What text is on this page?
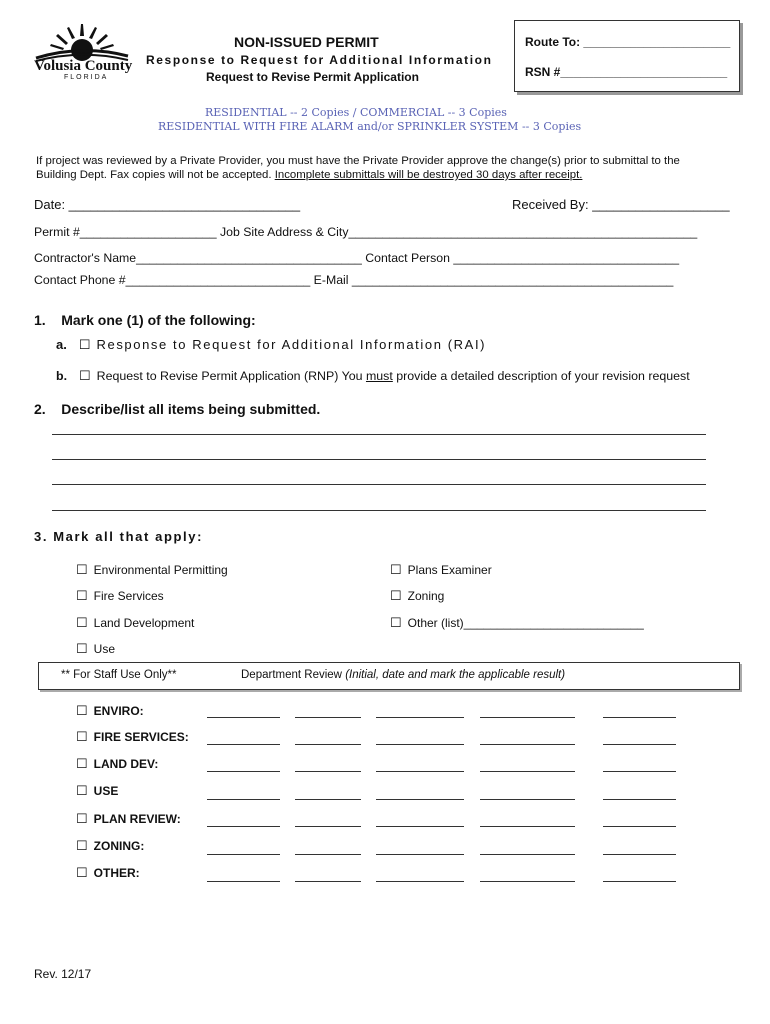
Volusia County
FLORIDA
NON-ISSUED PERMIT
Response to Request for Additional Information
Request to Revise Permit Application
Route To: ______________________
RSN #_________________________
RESIDENTIAL -- 2 Copies / COMMERCIAL -- 3 Copies
RESIDENTIAL WITH FIRE ALARM and/or SPRINKLER SYSTEM -- 3 Copies
If project was reviewed by a Private Provider, you must have the Private Provider approve the change(s) prior to submittal to the
Building Dept. Fax copies will not be accepted. Incomplete submittals will be destroyed 30 days after receipt.
Date: ________________________________	Received By: ___________________
Permit #____________________ Job Site Address & City___________________________________________________
Contractor's Name_________________________________ Contact Person _________________________________
Contact Phone #___________________________ E-Mail _______________________________________________
1.    Mark one (1) of the following:
a. ☐ Response to Request for Additional Information (RAI)
b. ☐ Request to Revise Permit Application (RNP) You must provide a detailed description of your revision request
2.    Describe/list all items being submitted.
3. Mark all that apply:
☐ Environmental Permitting
☐ Fire Services
☐ Land Development
☐ Use
☐ Plans Examiner
☐ Zoning
☐ Other (list)___________________________
** For Staff Use Only**	Department Review (Initial, date and mark the applicable result)
☐ ENVIRO:
☐ FIRE SERVICES:
☐ LAND DEV:
☐ USE
☐ PLAN REVIEW:
☐ ZONING:
☐ OTHER:
Rev. 12/17
